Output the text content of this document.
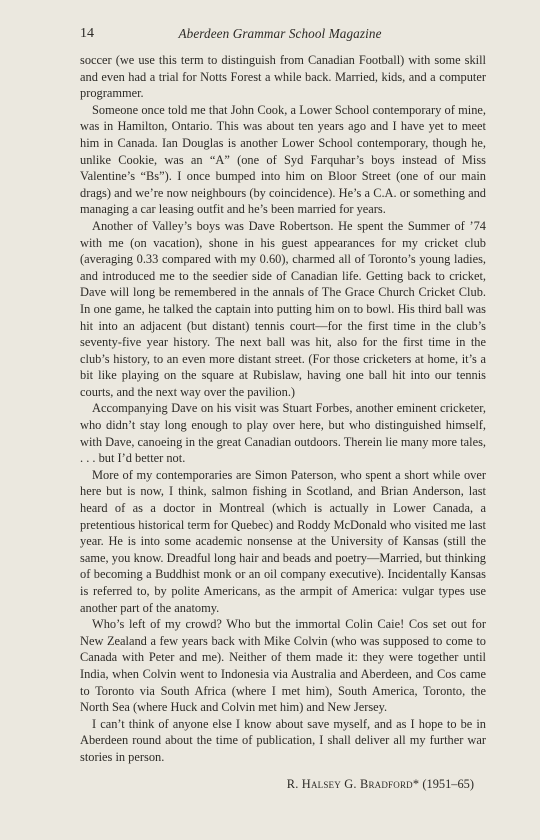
14	Aberdeen Grammar School Magazine

soccer (we use this term to distinguish from Canadian Football) with some skill and even had a trial for Notts Forest a while back. Married, kids, and a computer programmer.

Someone once told me that John Cook, a Lower School contemporary of mine, was in Hamilton, Ontario. This was about ten years ago and I have yet to meet him in Canada. Ian Douglas is another Lower School contemporary, though he, unlike Cookie, was an “A” (one of Syd Farquhar’s boys instead of Miss Valentine’s “Bs”). I once bumped into him on Bloor Street (one of our main drags) and we’re now neighbours (by coincidence). He’s a C.A. or something and managing a car leasing outfit and he’s been married for years.

Another of Valley’s boys was Dave Robertson. He spent the Summer of ’74 with me (on vacation), shone in his guest appearances for my cricket club (averaging 0.33 compared with my 0.60), charmed all of Toronto’s young ladies, and introduced me to the seedier side of Canadian life. Getting back to cricket, Dave will long be remembered in the annals of The Grace Church Cricket Club. In one game, he talked the captain into putting him on to bowl. His third ball was hit into an adjacent (but distant) tennis court—for the first time in the club’s seventy-five year history. The next ball was hit, also for the first time in the club’s history, to an even more distant street. (For those cricketers at home, it’s a bit like playing on the square at Rubislaw, having one ball hit into our tennis courts, and the next way over the pavilion.)

Accompanying Dave on his visit was Stuart Forbes, another eminent cricketer, who didn’t stay long enough to play over here, but who distinguished himself, with Dave, canoeing in the great Canadian outdoors. Therein lie many more tales, . . . but I’d better not.

More of my contemporaries are Simon Paterson, who spent a short while over here but is now, I think, salmon fishing in Scotland, and Brian Anderson, last heard of as a doctor in Montreal (which is actually in Lower Canada, a pretentious historical term for Quebec) and Roddy McDonald who visited me last year. He is into some academic nonsense at the University of Kansas (still the same, you know. Dreadful long hair and beads and poetry—Married, but thinking of becoming a Buddhist monk or an oil company executive). Incidentally Kansas is referred to, by polite Americans, as the armpit of America: vulgar types use another part of the anatomy.

Who’s left of my crowd? Who but the immortal Colin Caie! Cos set out for New Zealand a few years back with Mike Colvin (who was supposed to come to Canada with Peter and me). Neither of them made it: they were together until India, when Colvin went to Indonesia via Australia and Aberdeen, and Cos came to Toronto via South Africa (where I met him), South America, Toronto, the North Sea (where Huck and Colvin met him) and New Jersey.

I can’t think of anyone else I know about save myself, and as I hope to be in Aberdeen round about the time of publication, I shall deliver all my further war stories in person.

R. Halsey G. Bradford* (1951–65)
